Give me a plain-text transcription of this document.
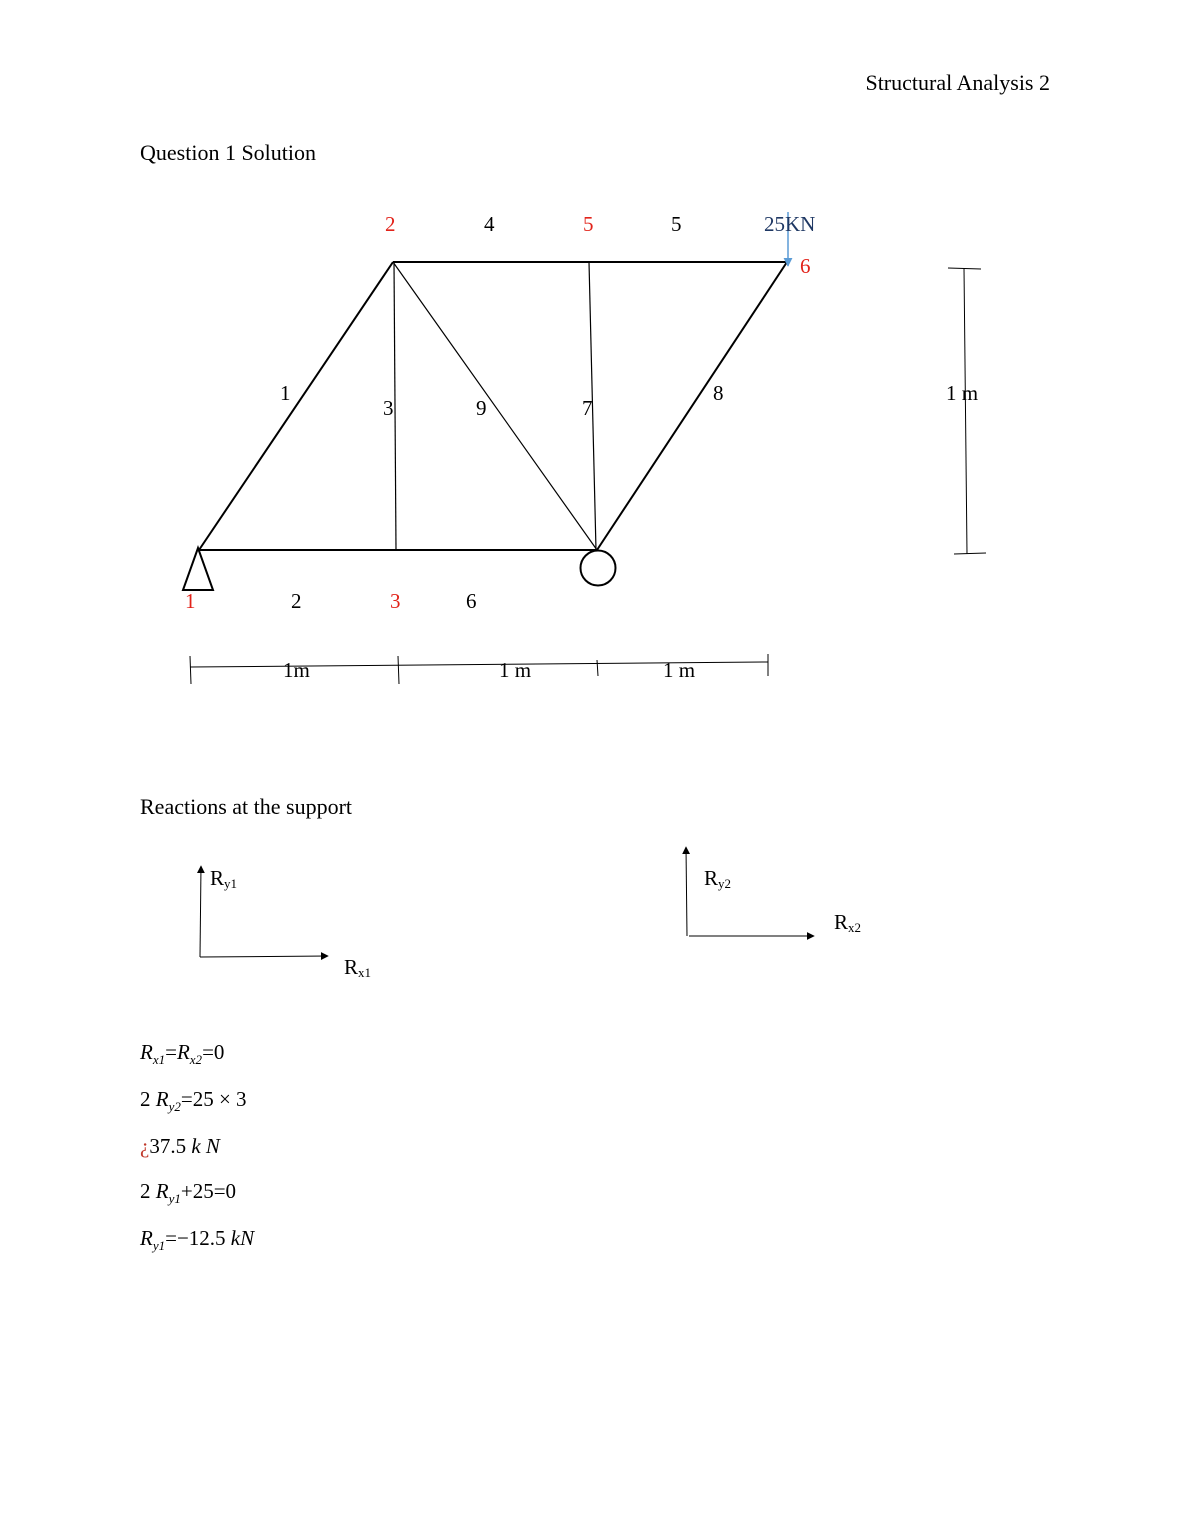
Structural Analysis 2
Question 1 Solution
25KN
1
2
3
5
6
1
2
3
4	5
6
7
8
9
1m	1 m	1 m
1 m
Ry1
Rx1
Ry2
Rx2
Reactions at the support
$R_{x1}=R_{x2}=0$
2 $R_{y2}=25 \times 3$
¿37.5 k N
2 $R_{y1}+25=0$
$R_{y1}=-12.5$ kN
